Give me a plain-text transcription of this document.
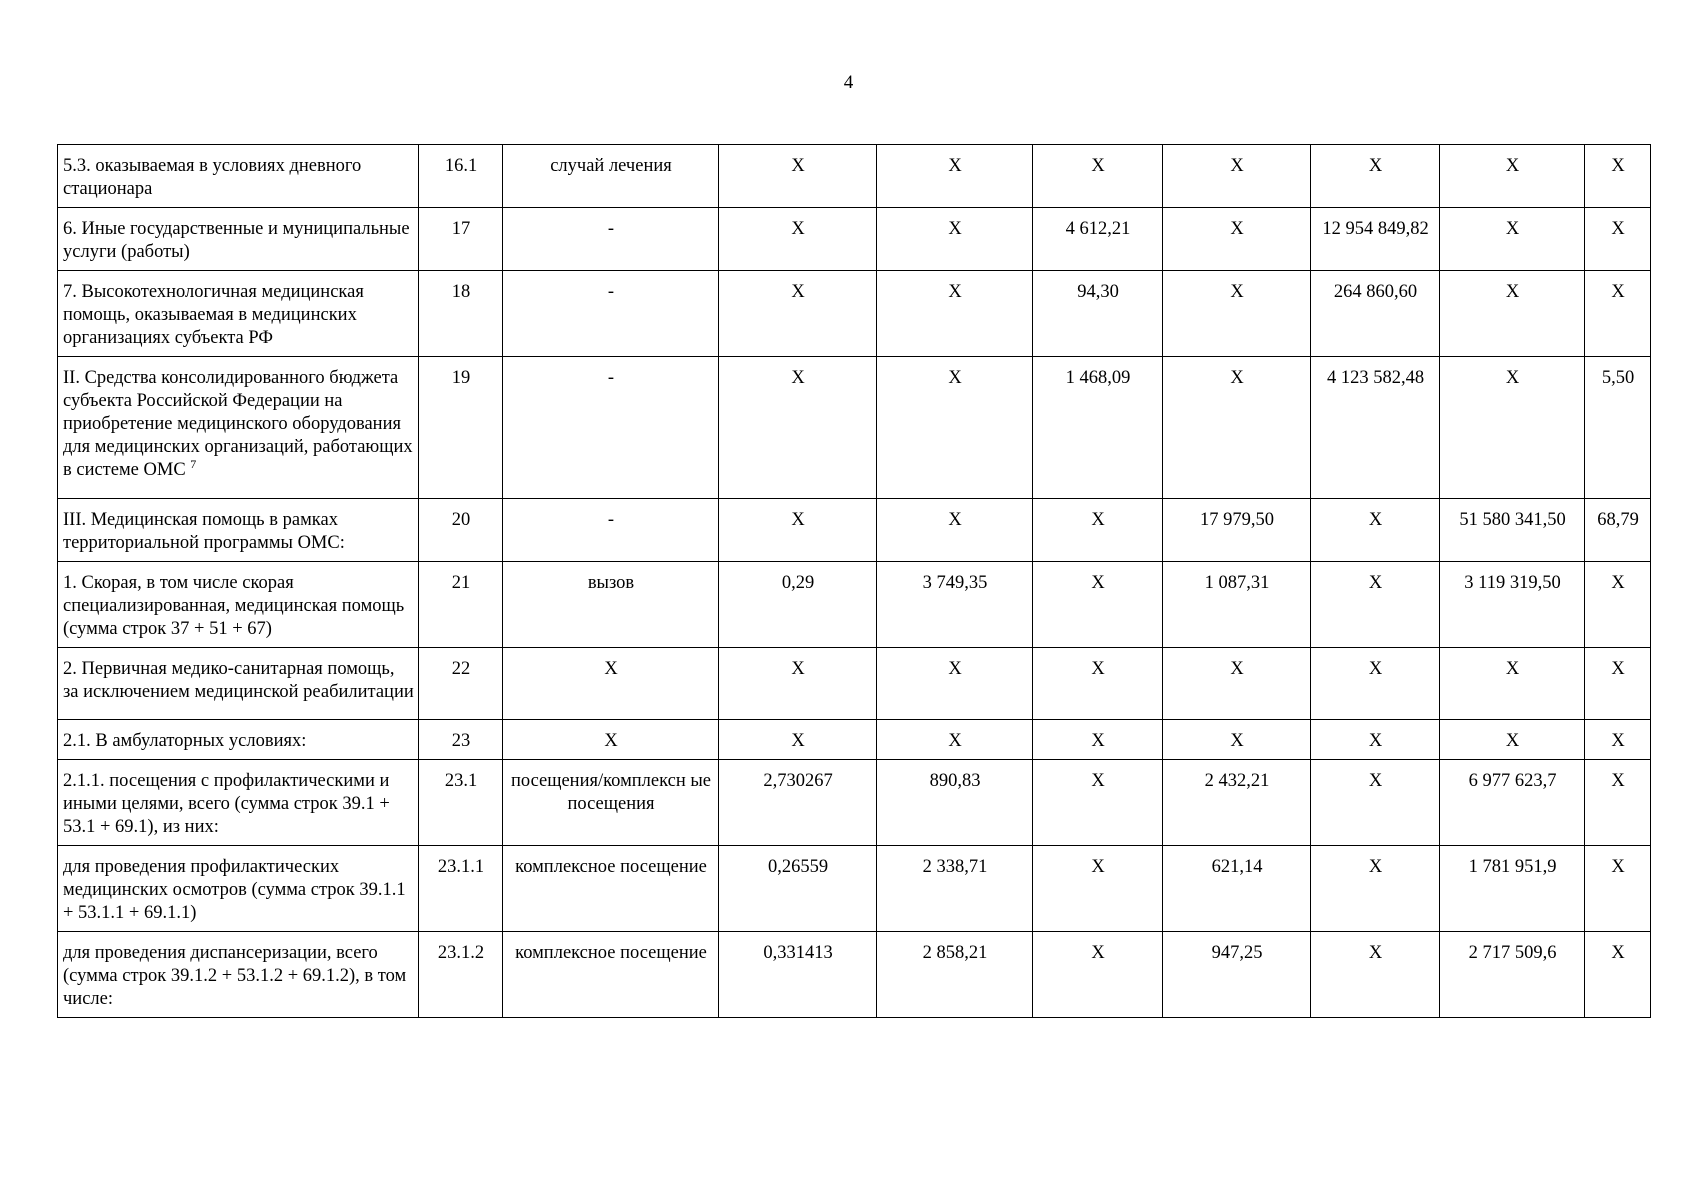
4
5.3. оказываемая в условиях дневного стационара	16.1	случай лечения	X	X	X	X	X	X	X
6. Иные государственные и муниципальные услуги (работы)	17	-	X	X	4 612,21	X	12 954 849,82	X	X
7. Высокотехнологичная медицинская помощь, оказываемая в медицинских организациях субъекта РФ	18	-	X	X	94,30	X	264 860,60	X	X
II. Средства консолидированного бюджета субъекта Российской Федерации на приобретение медицинского оборудования для медицинских организаций, работающих в системе ОМС $^7$	19	-	X	X	1 468,09	X	4 123 582,48	X	5,50
III. Медицинская помощь в рамках территориальной программы ОМС:	20	-	X	X	X	17 979,50	X	51 580 341,50	68,79
1. Скорая, в том числе скорая специализированная, медицинская помощь (сумма строк 37 + 51 + 67)	21	вызов	0,29	3 749,35	X	1 087,31	X	3 119 319,50	X
2. Первичная медико-санитарная помощь, за исключением медицинской реабилитации	22	X	X	X	X	X	X	X	X
2.1. В амбулаторных условиях:	23	X	X	X	X	X	X	X	X
2.1.1. посещения с профилактическими и иными целями, всего (сумма строк 39.1 + 53.1 + 69.1), из них:	23.1	посещения/комплексн ые посещения	2,730267	890,83	X	2 432,21	X	6 977 623,7	X
для проведения профилактических медицинских осмотров (сумма строк 39.1.1 + 53.1.1 + 69.1.1)	23.1.1	комплексное посещение	0,26559	2 338,71	X	621,14	X	1 781 951,9	X
для проведения диспансеризации, всего (сумма строк 39.1.2 + 53.1.2 + 69.1.2), в том числе:	23.1.2	комплексное посещение	0,331413	2 858,21	X	947,25	X	2 717 509,6	X
